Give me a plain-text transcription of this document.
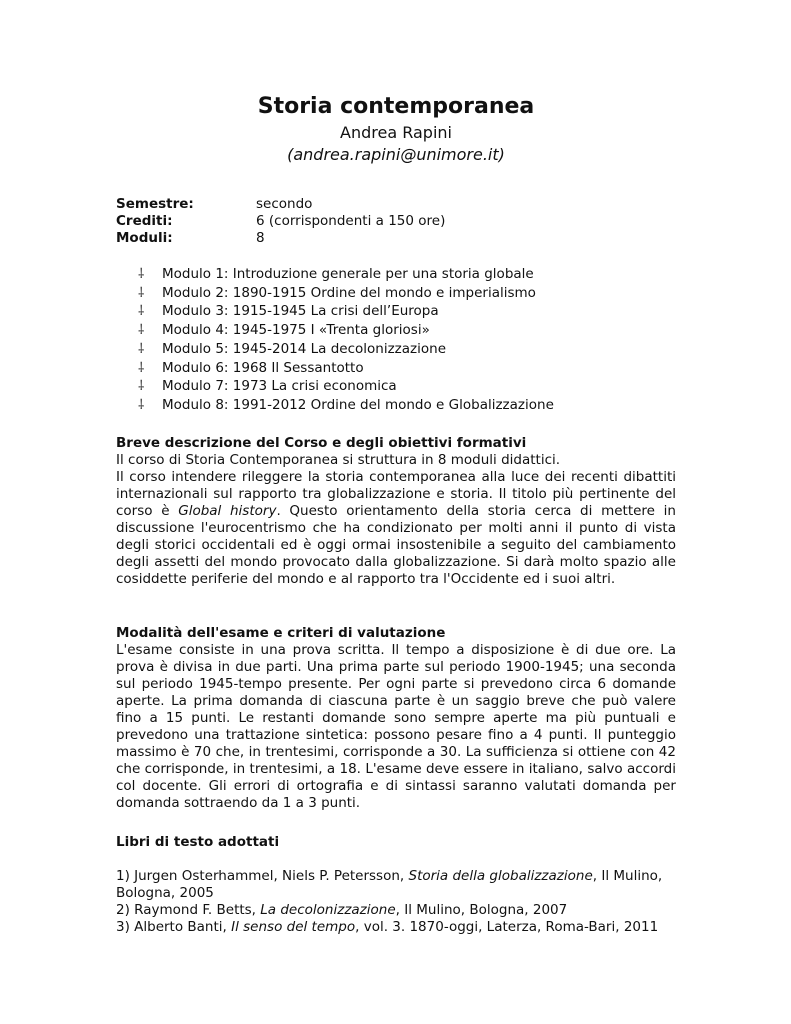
Storia contemporanea
Andrea Rapini
(andrea.rapini@unimore.it)
Semestre:	secondo
Crediti:	6 (corrispondenti a 150 ore)
Moduli:	8
⸸	Modulo 1: Introduzione generale per una storia globale
⸸	Modulo 2: 1890-1915 Ordine del mondo e imperialismo
⸸	Modulo 3: 1915-1945 La crisi dell’Europa
⸸	Modulo 4: 1945-1975 I «Trenta gloriosi»
⸸	Modulo 5: 1945-2014 La decolonizzazione
⸸	Modulo 6: 1968 Il Sessantotto
⸸	Modulo 7: 1973 La crisi economica
⸸	Modulo 8: 1991-2012 Ordine del mondo e Globalizzazione
Breve descrizione del Corso e degli obiettivi formativi

Il corso di Storia Contemporanea si struttura in 8 moduli didattici.

Il corso intendere rileggere la storia contemporanea alla luce dei recenti dibattiti internazionali sul rapporto tra globalizzazione e storia. Il titolo più pertinente del corso è Global history. Questo orientamento della storia cerca di mettere in discussione l'eurocentrismo che ha condizionato per molti anni il punto di vista degli storici occidentali ed è oggi ormai insostenibile a seguito del cambiamento degli assetti del mondo provocato dalla globalizzazione. Si darà molto spazio alle cosiddette periferie del mondo e al rapporto tra l'Occidente ed i suoi altri.

Modalità dell'esame e criteri di valutazione

L'esame consiste in una prova scritta. Il tempo a disposizione è di due ore. La prova è divisa in due parti. Una prima parte sul periodo 1900-1945; una seconda sul periodo 1945-tempo presente. Per ogni parte si prevedono circa 6 domande aperte. La prima domanda di ciascuna parte è un saggio breve che può valere fino a 15 punti. Le restanti domande sono sempre aperte ma più puntuali e prevedono una trattazione sintetica: possono pesare fino a 4 punti. Il punteggio massimo è 70 che, in trentesimi, corrisponde a 30. La sufficienza si ottiene con 42 che corrisponde, in trentesimi, a 18. L'esame deve essere in italiano, salvo accordi col docente. Gli errori di ortografia e di sintassi saranno valutati domanda per domanda sottraendo da 1 a 3 punti.

Libri di testo adottati
1) Jurgen Osterhammel, Niels P. Petersson, Storia della globalizzazione, Il Mulino, Bologna, 2005
2) Raymond F. Betts, La decolonizzazione, Il Mulino, Bologna, 2007
3) Alberto Banti, Il senso del tempo, vol. 3. 1870-oggi, Laterza, Roma-Bari, 2011
